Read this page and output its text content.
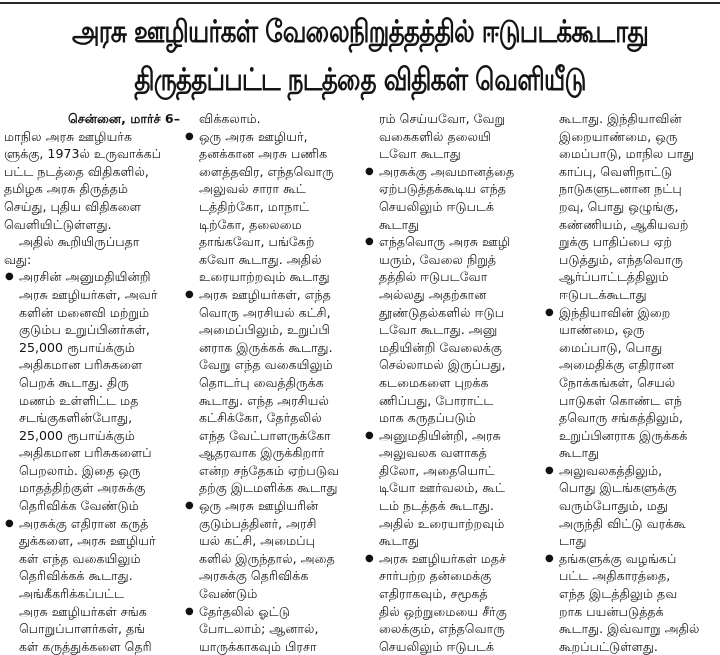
அரசு ஊழியர்கள் வேலைநிறுத்தத்தில் ஈடுபடக்கூடாது
திருத்தப்பட்ட நடத்தை விதிகள் வெளியீடு
சென்னை, மார்ச் 6–
மாநில அரசு ஊழியர்க
ளுக்கு, 1973ல் உருவாக்கப்
பட்ட நடத்தை விதிகளில்,
தமிழக அரசு திருத்தம்
செய்து, புதிய விதிகளை
வெளியிட்டுள்ளது.
அதில் கூறியிருப்பதா
வது:
● அரசின் அனுமதியின்றி
அரசு ஊழியர்கள், அவர்
களின் மனைவி மற்றும்
குடும்ப உறுப்பினர்கள்,
25,000 ரூபாய்க்கும்
அதிகமான பரிசுகளை
பெறக் கூடாது. திரு
மணம் உள்ளிட்ட மத
சடங்குகளின்போது,
25,000 ரூபாய்க்கும்
அதிகமான பரிசுகளைப்
பெறலாம். இதை ஒரு
மாதத்திற்குள் அரசுக்கு
தெரிவிக்க வேண்டும்
● அரசுக்கு எதிரான கருத்
துக்களை, அரசு ஊழியர்
கள் எந்த வகையிலும்
தெரிவிக்கக் கூடாது.
அங்கீகரிக்கப்பட்ட
அரசு ஊழியர்கள் சங்க
பொறுப்பாளர்கள், தங்
கள் கருத்துக்களை தெரி
விக்கலாம்.
● ஒரு அரசு ஊழியர்,
தனக்கான அரசு பணிக
ளைத்தவிர, எந்தவொரு
அலுவல் சாரா கூட்
டத்திற்கோ, மாநாட்
டிற்கோ, தலைமை
தாங்கவோ, பங்கேற்
கவோ கூடாது. அதில்
உரையாற்றவும் கூடாது
● அரசு ஊழியர்கள், எந்த
வொரு அரசியல் கட்சி,
அமைப்பிலும், உறுப்பி
னராக இருக்கக் கூடாது.
வேறு எந்த வகையிலும்
தொடர்பு வைத்திருக்க
கூடாது. எந்த அரசியல்
கட்சிக்கோ, தேர்தலில்
எந்த வேட்பாளருக்கோ
ஆதரவாக இருக்கிறார்
என்ற சந்தேகம் ஏற்படுவ
தற்கு இடமளிக்க கூடாது
● ஒரு அரசு ஊழியரின்
குடும்பத்தினர், அரசி
யல் கட்சி, அமைப்பு
களில் இருந்தால், அதை
அரசுக்கு தெரிவிக்க
வேண்டும்
● தேர்தலில் ஓட்டு
போடலாம்; ஆனால்,
யாருக்காகவும் பிரசா
ரம் செய்யவோ, வேறு
வகைகளில் தலையி
டவோ கூடாது
● அரசுக்கு அவமானத்தை
ஏற்படுத்தக்கூடிய எந்த
செயலிலும் ஈடுபடக்
கூடாது
● எந்தவொரு அரசு ஊழி
யரும், வேலை நிறுத்
தத்தில் ஈடுபடவோ
அல்லது அதற்கான
தூண்டுதல்களில் ஈடுப
டவோ கூடாது. அனு
மதியின்றி வேலைக்கு
செல்லாமல் இருப்பது,
கடமைகளை புறக்க
ணிப்பது, போராட்ட
மாக கருதப்படும்
● அனுமதியின்றி, அரசு
அலுவலக வளாகத்
திலோ, அதையொட்
டியோ ஊர்வலம், கூட்
டம் நடத்தக் கூடாது.
அதில் உரையாற்றவும்
கூடாது
● அரசு ஊழியர்கள் மதச்
சார்பற்ற தன்மைக்கு
எதிராகவும், சமூகத்
தில் ஒற்றுமையை சீர்கு
லைக்கும், எந்தவொரு
செயலிலும் ஈடுபடக்
கூடாது. இந்தியாவின்
இறையாண்மை, ஒரு
மைப்பாடு, மாநில பாது
காப்பு, வெளிநாட்டு
நாடுகளுடனான நட்பு
றவு, பொது ஒழுங்கு,
கண்ணியம், ஆகியவற்
றுக்கு பாதிப்பை ஏற்
படுத்தும், எந்தவொரு
ஆர்ப்பாட்டத்திலும்
ஈடுபடக்கூடாது
● இந்தியாவின் இறை
யாண்மை, ஒரு
மைப்பாடு, பொது
அமைதிக்கு எதிரான
நோக்கங்கள், செயல்
பாடுகள் கொண்ட எந்
தவொரு சங்கத்திலும்,
உறுப்பினராக இருக்கக்
கூடாது
● அலுவலகத்திலும்,
பொது இடங்களுக்கு
வரும்போதும், மது
அருந்தி விட்டு வரக்கூ
டாது
● தங்களுக்கு வழங்கப்
பட்ட அதிகாரத்தை,
எந்த இடத்திலும் தவ
றாக பயன்படுத்தக்
கூடாது. இவ்வாறு அதில்
கூறப்பட்டுள்ளது.
